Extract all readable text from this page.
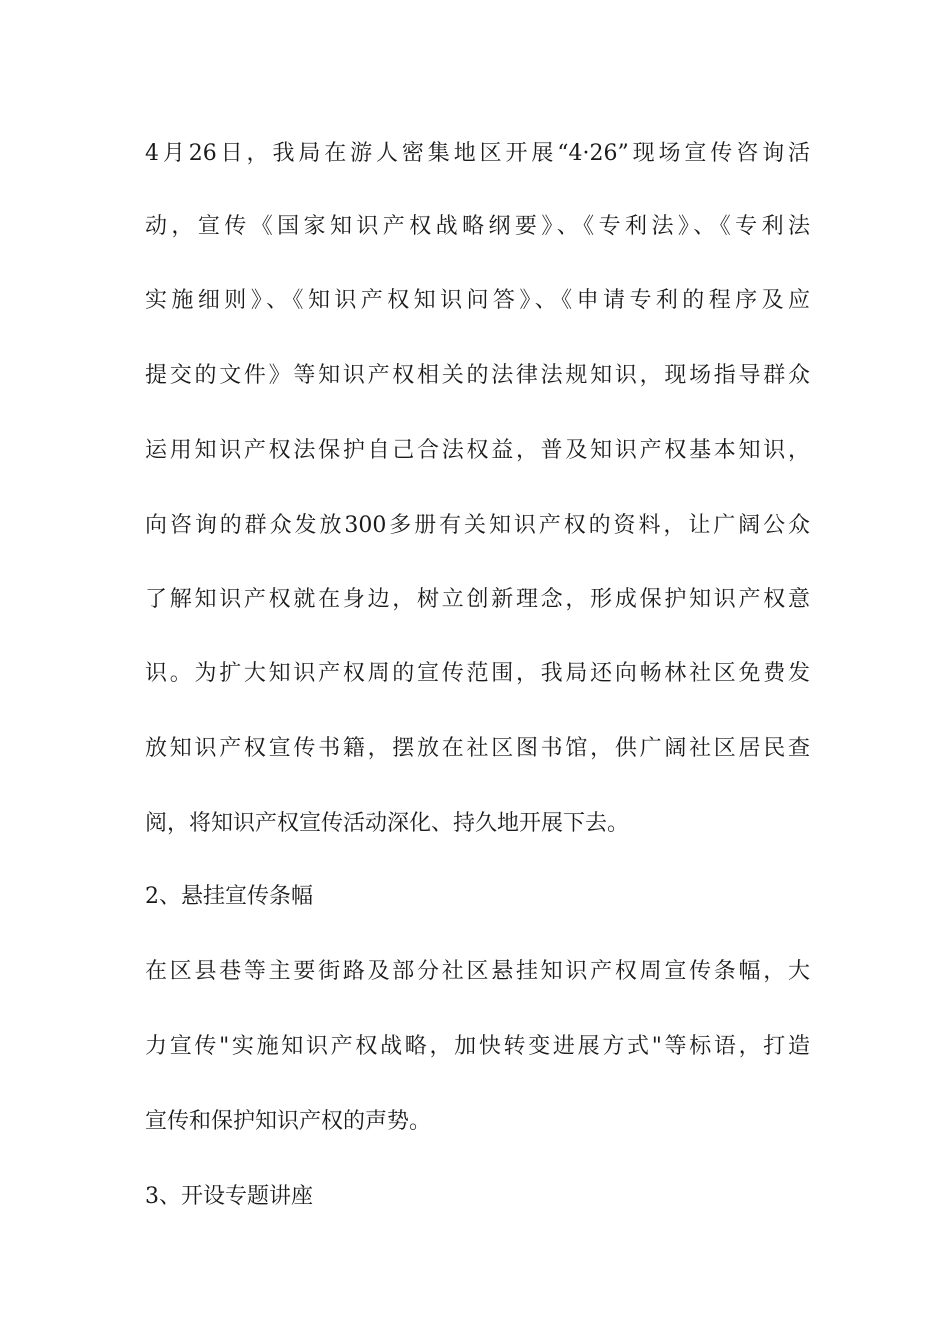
4月26日，我局在游人密集地区开展“4·26”现场宣传咨询活
动，宣传《国家知识产权战略纲要》、《专利法》、《专利法
实施细则》、《知识产权知识问答》、《申请专利的程序及应
提交的文件》等知识产权相关的法律法规知识，现场指导群众
运用知识产权法保护自己合法权益，普及知识产权基本知识，
向咨询的群众发放300多册有关知识产权的资料，让广阔公众
了解知识产权就在身边，树立创新理念，形成保护知识产权意
识。为扩大知识产权周的宣传范围，我局还向畅林社区免费发
放知识产权宣传书籍，摆放在社区图书馆，供广阔社区居民查
阅，将知识产权宣传活动深化、持久地开展下去。
2、悬挂宣传条幅
在区县巷等主要街路及部分社区悬挂知识产权周宣传条幅，大
力宣传"实施知识产权战略，加快转变进展方式"等标语，打造
宣传和保护知识产权的声势。
3、开设专题讲座
